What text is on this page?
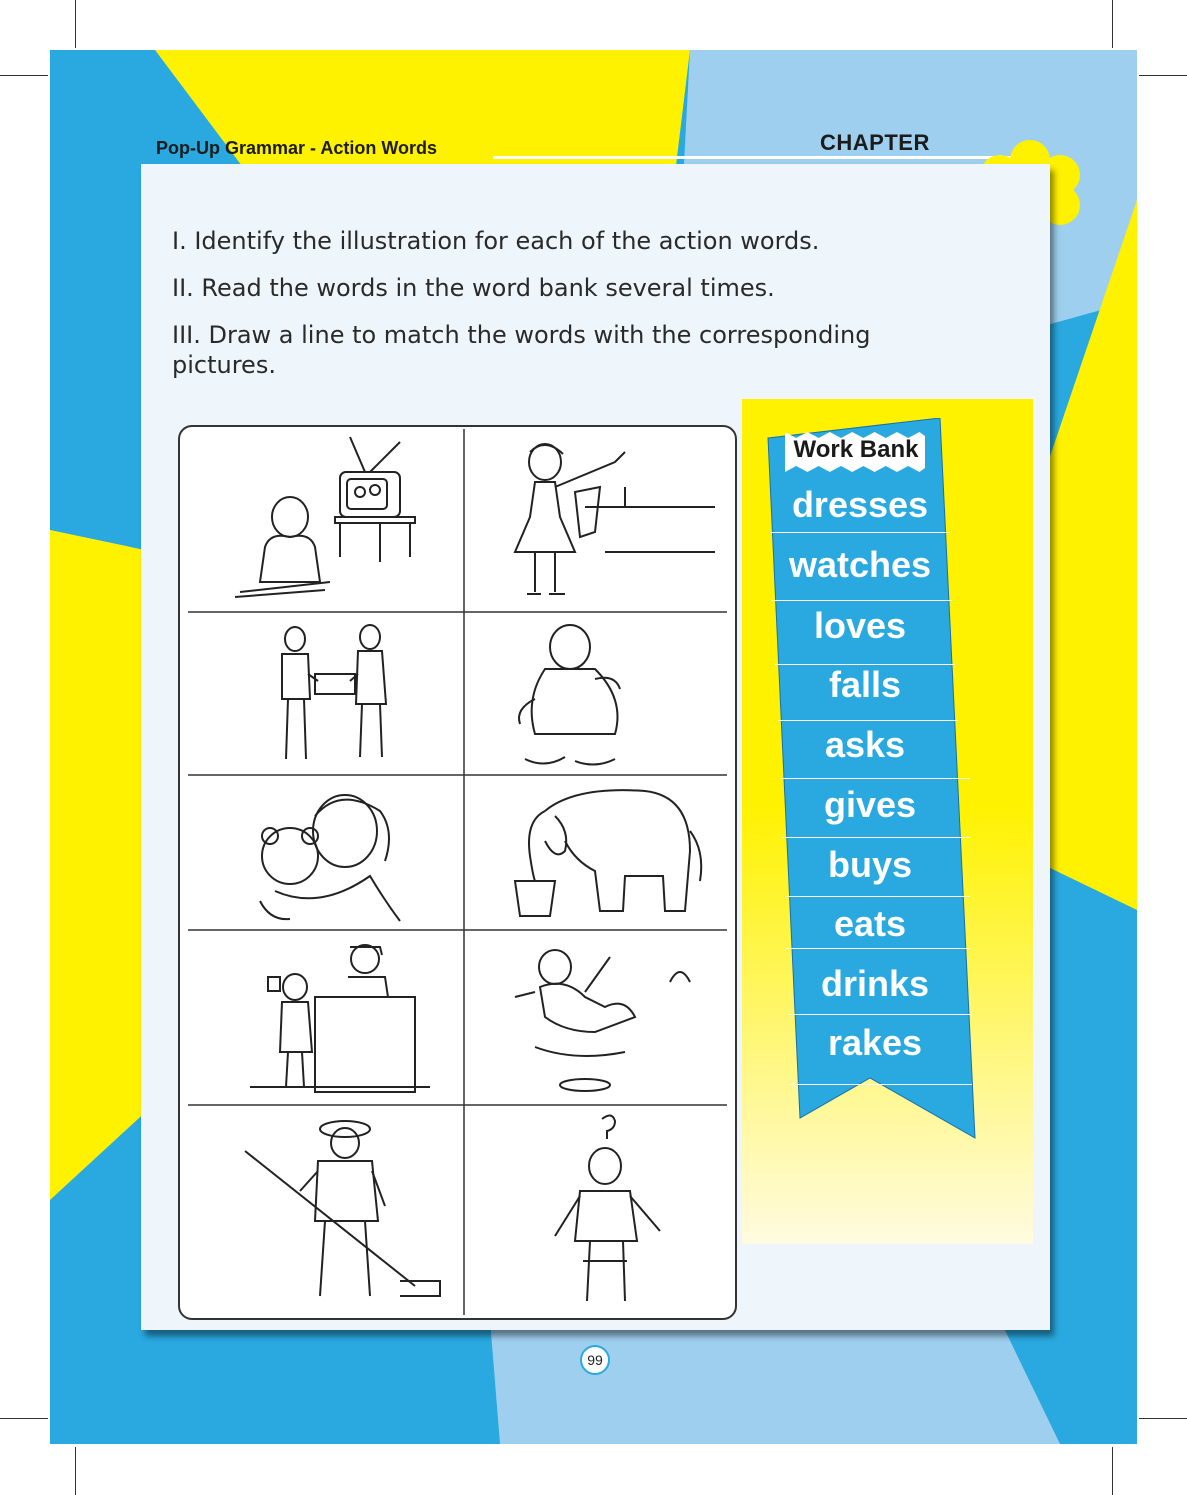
Pop-Up Grammar - Action Words	CHAPTER
I. Identify the illustration for each of the action words.
II. Read the words in the word bank several times.
III. Draw a line to match the words with the corresponding pictures.
Work Bank
dresses
watches
loves
falls
asks
gives
buys
eats
drinks
rakes
99
